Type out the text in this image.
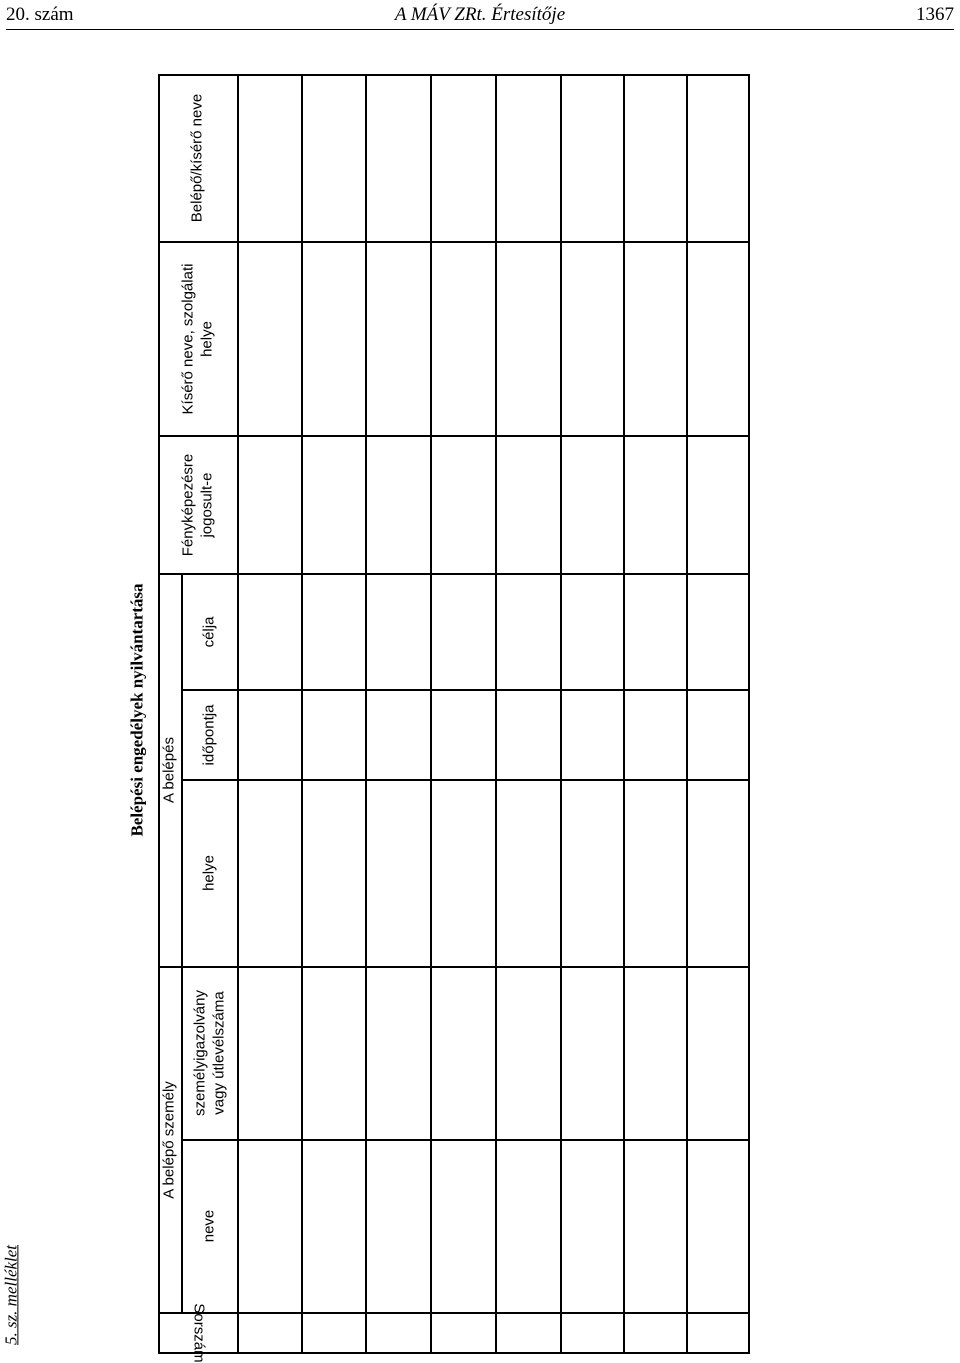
20. szám	A MÁV ZRt. Értesítője	1367
5. sz. melléklet
Belépési engedélyek nyilvántartása
Sorszám
A belépő személy
neve
személyigazolvány vagy útlevélszáma
A belépés
helye
időpontja
célja
Fényképezésre jogosult-e
Kísérő neve, szolgálati helye
Belépő/kísérő neve
